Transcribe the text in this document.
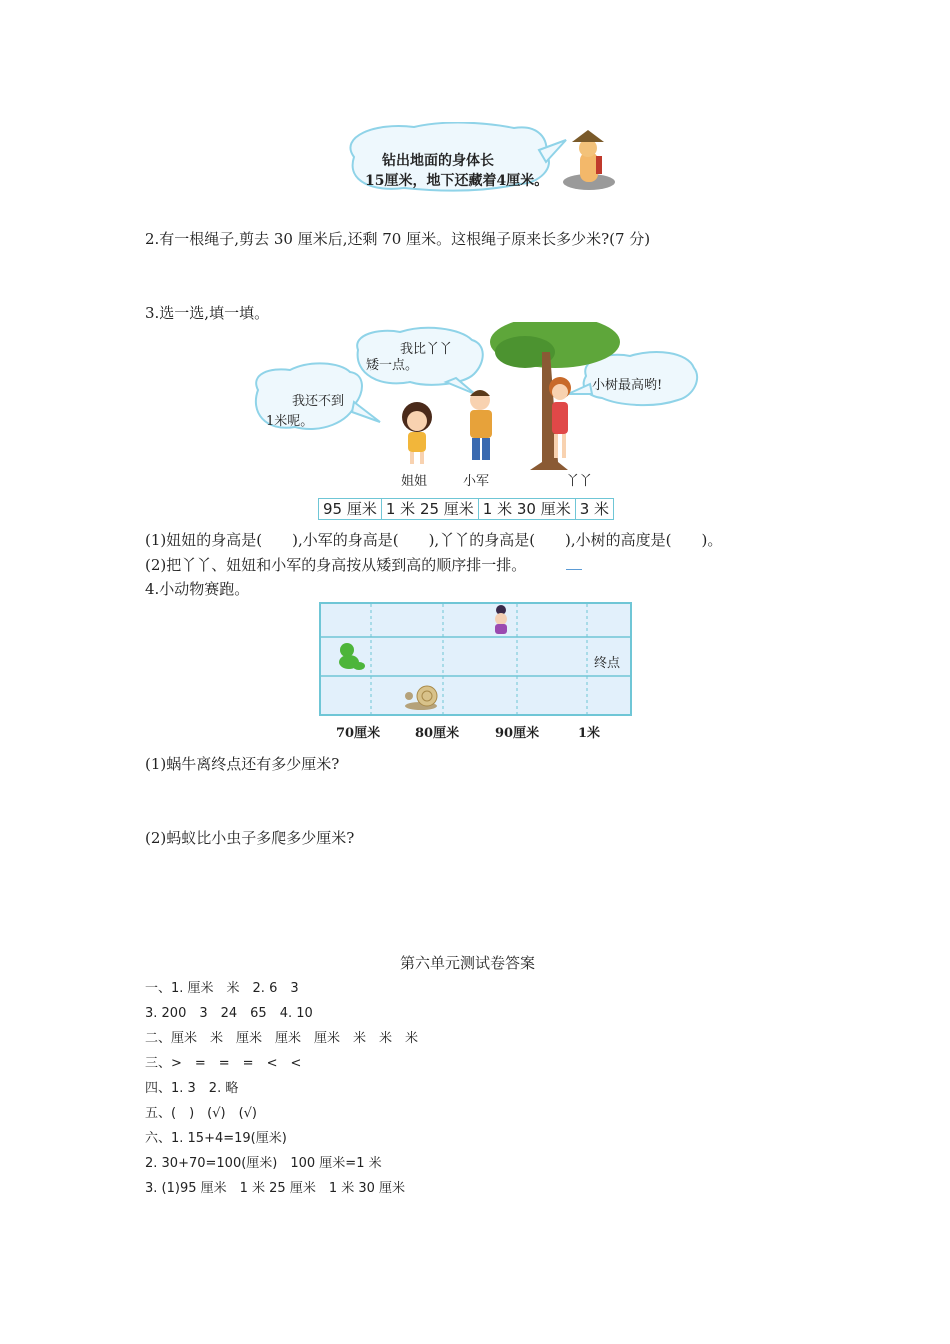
钻出地面的身体长
15厘米，地下还藏着4厘米。
2.有一根绳子,剪去 30 厘米后,还剩 70 厘米。这根绳子原来长多少米?(7 分)
3.选一选,填一填。
我还不到
1米呢。
我比丫丫
矮一点。
小树最高哟!
姐姐	小军	丫丫
95 厘米 1 米 25 厘米 1 米 30 厘米 3 米
(1)妞妞的身高是(　　),小军的身高是(　　),丫丫的身高是(　　),小树的高度是(　　)。
(2)把丫丫、妞妞和小军的身高按从矮到高的顺序排一排。
4.小动物赛跑。
终点
70厘米	80厘米	90厘米	1米
(1)蜗牛离终点还有多少厘米?
(2)蚂蚁比小虫子多爬多少厘米?
第六单元测试卷答案
一、1. 厘米　米　2. 6　3
3. 200　3　24　65　4. 10
二、厘米　米　厘米　厘米　厘米　米　米　米
三、>　=　=　=　<　<
四、1. 3　2. 略
五、(　)　(√)　(√)
六、1. 15+4=19(厘米)
2. 30+70=100(厘米)　100 厘米=1 米
3. (1)95 厘米　1 米 25 厘米　1 米 30 厘米
